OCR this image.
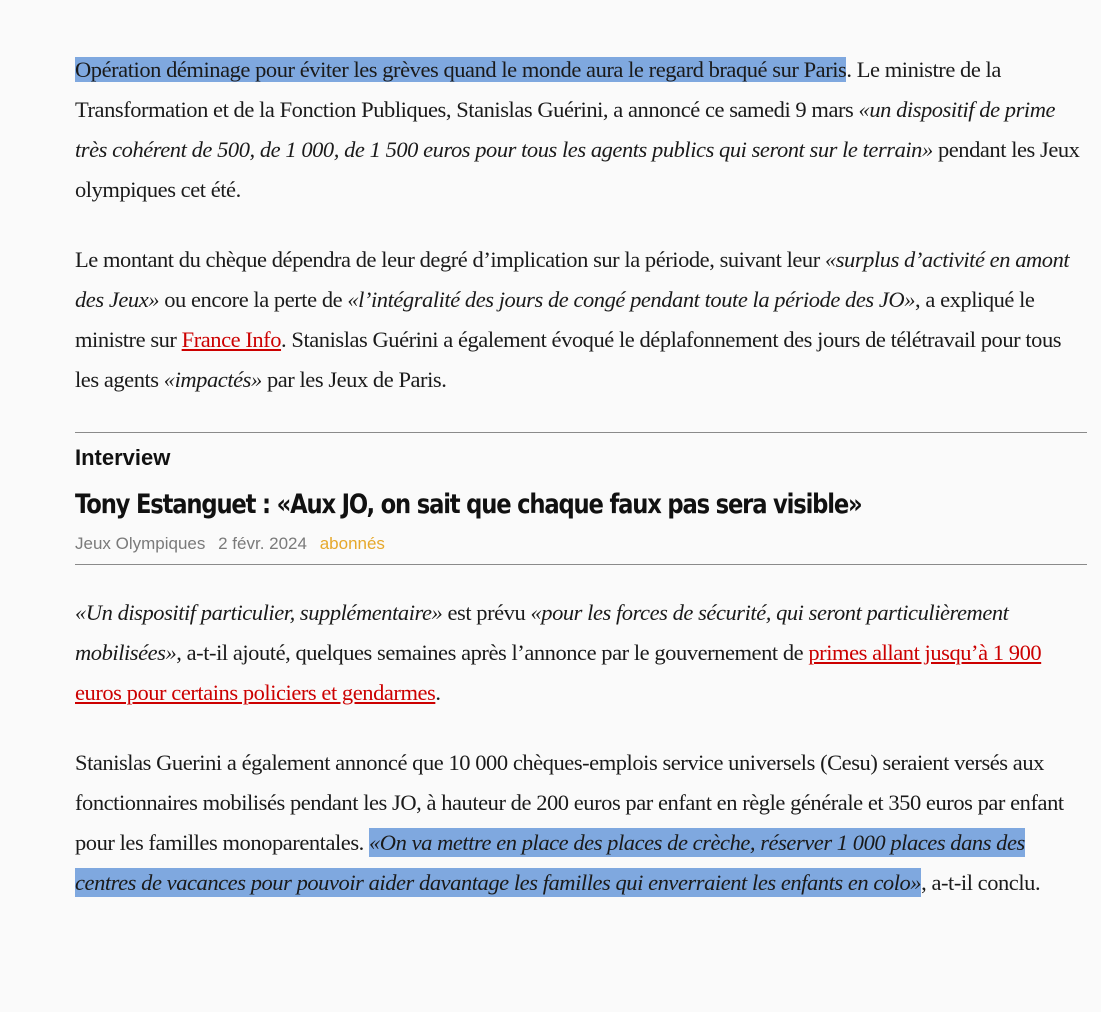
Opération déminage pour éviter les grèves quand le monde aura le regard braqué sur Paris. Le ministre de la Transformation et de la Fonction Publiques, Stanislas Guérini, a annoncé ce samedi 9 mars «un dispositif de prime très cohérent de 500, de 1 000, de 1 500 euros pour tous les agents publics qui seront sur le terrain» pendant les Jeux olympiques cet été.

Le montant du chèque dépendra de leur degré d’implication sur la période, suivant leur «surplus d’activité en amont des Jeux» ou encore la perte de «l’intégralité des jours de congé pendant toute la période des JO», a expliqué le ministre sur France Info. Stanislas Guérini a également évoqué le déplafonnement des jours de télétravail pour tous les agents «impactés» par les Jeux de Paris.

Interview
Tony Estanguet : «Aux JO, on sait que chaque faux pas sera visible»
Jeux Olympiques 2 févr. 2024 abonnés

«Un dispositif particulier, supplémentaire» est prévu «pour les forces de sécurité, qui seront particulièrement mobilisées», a-t-il ajouté, quelques semaines après l’annonce par le gouvernement de primes allant jusqu’à 1 900 euros pour certains policiers et gendarmes.

Stanislas Guerini a également annoncé que 10 000 chèques-emplois service universels (Cesu) seraient versés aux fonctionnaires mobilisés pendant les JO, à hauteur de 200 euros par enfant en règle générale et 350 euros par enfant pour les familles monoparentales. «On va mettre en place des places de crèche, réserver 1 000 places dans des centres de vacances pour pouvoir aider davantage les familles qui enverraient les enfants en colo», a-t-il conclu.
